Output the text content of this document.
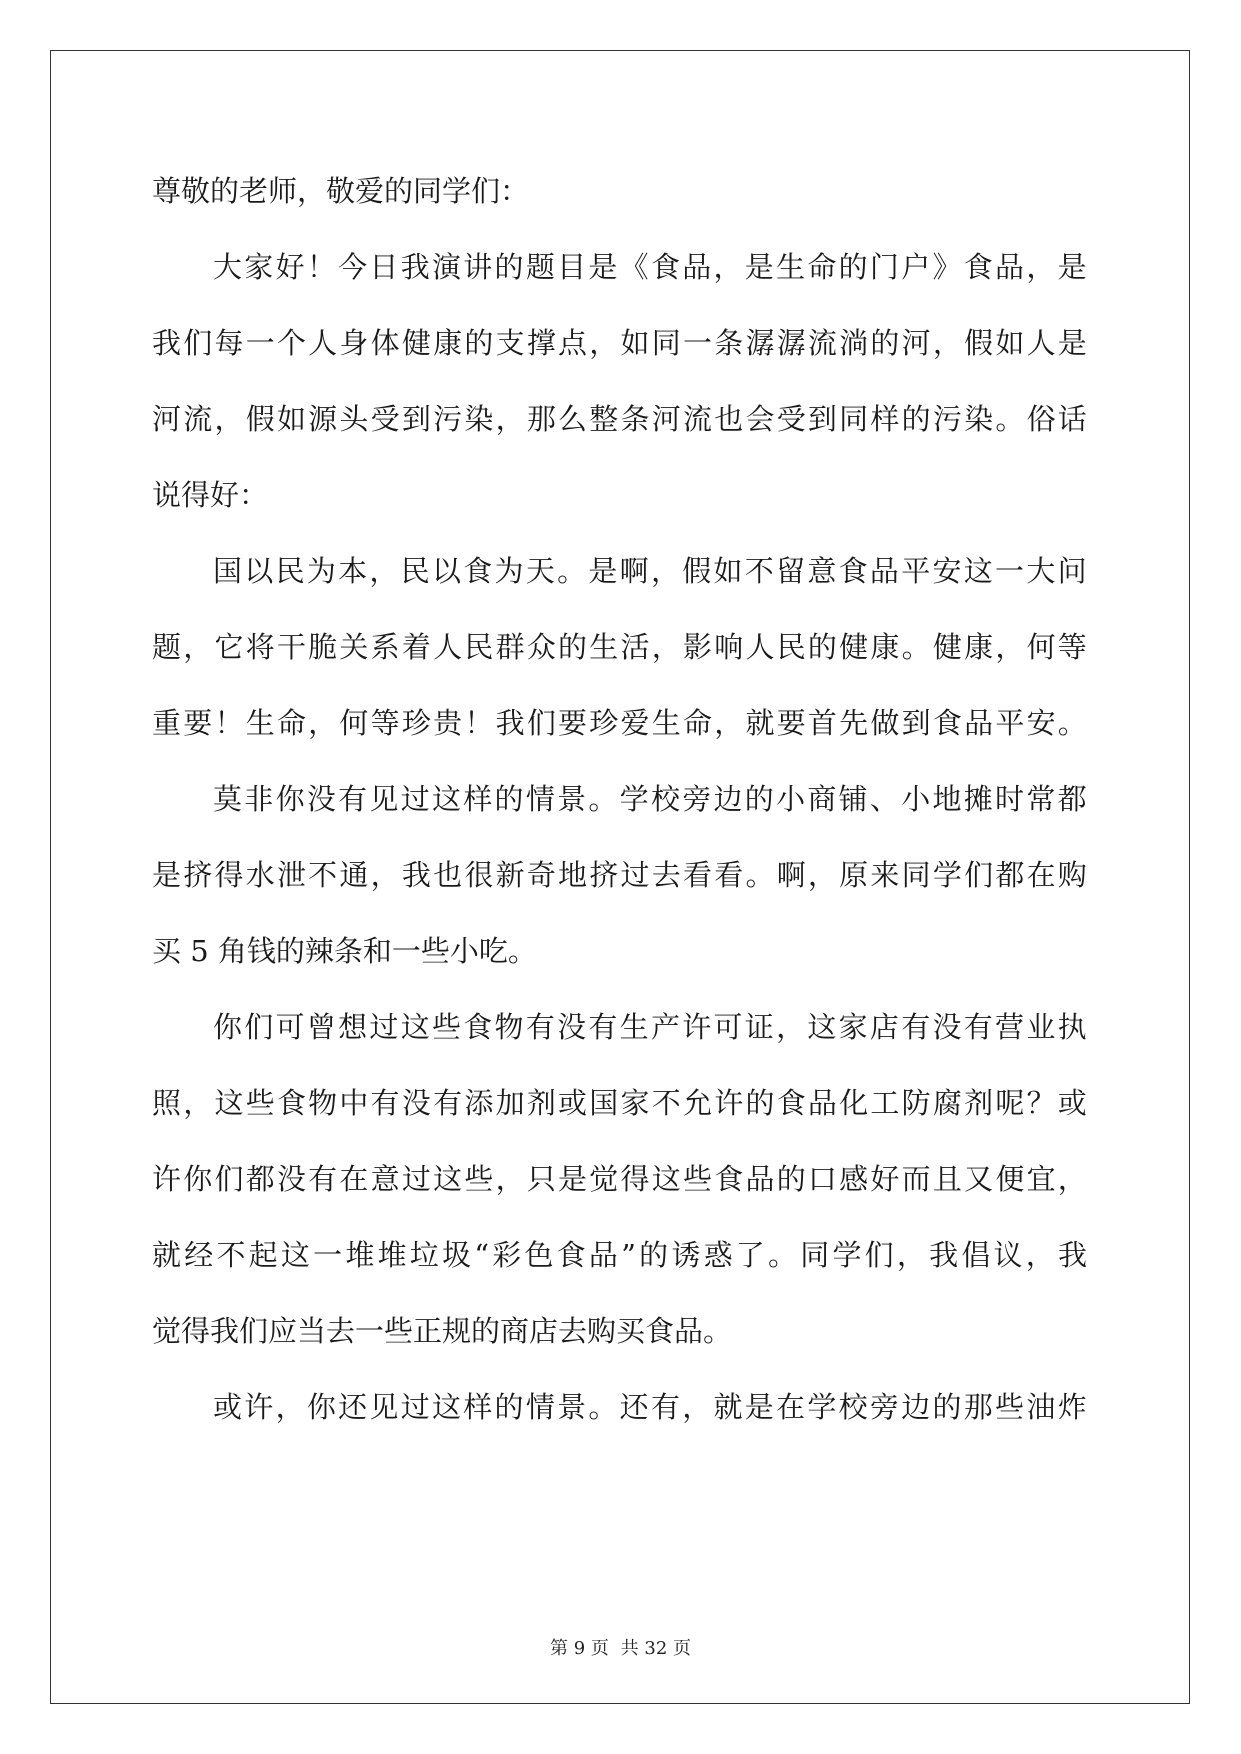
尊敬的老师，敬爱的同学们：
大 家 好 ！ 今 日 我 演 讲 的 题 目 是 《 食 品 ， 是 生 命 的 门 户 》 食 品 ， 是
我 们 每 一 个 人 身 体 健 康 的 支 撑 点 ， 如 同 一 条 潺 潺 流 淌 的 河 ， 假 如 人 是
河 流 ， 假 如 源 头 受 到 污 染 ， 那 么 整 条 河 流 也 会 受 到 同 样 的 污 染 。 俗 话
说得好：
国 以 民 为 本 ， 民 以 食 为 天 。 是 啊 ， 假 如 不 留 意 食 品 平 安 这 一 大 问
题 ， 它 将 干 脆 关 系 着 人 民 群 众 的 生 活 ， 影 响 人 民 的 健 康 。 健 康 ， 何 等
重 要 ！ 生 命 ， 何 等 珍 贵 ！ 我 们 要 珍 爱 生 命 ， 就 要 首 先 做 到 食 品 平 安 。
莫 非 你 没 有 见 过 这 样 的 情 景 。 学 校 旁 边 的 小 商 铺 、 小 地 摊 时 常 都
是 挤 得 水 泄 不 通 ， 我 也 很 新 奇 地 挤 过 去 看 看 。 啊 ， 原 来 同 学 们 都 在 购
买 5 角钱的辣条和一些小吃。
你 们 可 曾 想 过 这 些 食 物 有 没 有 生 产 许 可 证 ， 这 家 店 有 没 有 营 业 执
照 ， 这 些 食 物 中 有 没 有 添 加 剂 或 国 家 不 允 许 的 食 品 化 工 防 腐 剂 呢 ？ 或
许 你 们 都 没 有 在 意 过 这 些 ， 只 是 觉 得 这 些 食 品 的 口 感 好 而 且 又 便 宜 ，
就 经 不 起 这 一 堆 堆 垃 圾 “ 彩 色 食 品 ” 的 诱 惑 了 。 同 学 们 ， 我 倡 议 ， 我
觉得我们应当去一些正规的商店去购买食品。
或 许 ， 你 还 见 过 这 样 的 情 景 。 还 有 ， 就 是 在 学 校 旁 边 的 那 些 油 炸
第 9 页 共 32 页
